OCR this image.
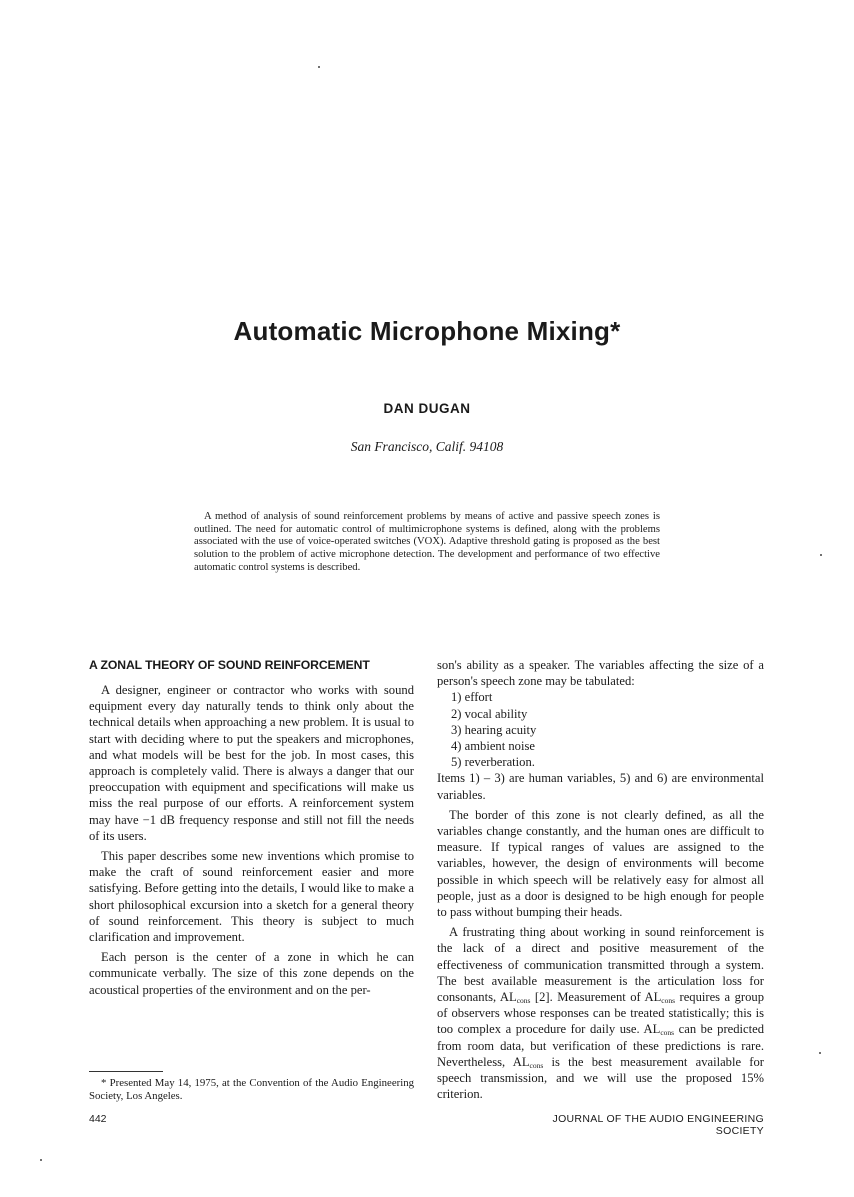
Automatic Microphone Mixing*
DAN DUGAN
San Francisco, Calif. 94108
A method of analysis of sound reinforcement problems by means of active and passive speech zones is outlined. The need for automatic control of multimicrophone systems is defined, along with the problems associated with the use of voice-operated switches (VOX). Adaptive threshold gating is proposed as the best solution to the problem of active microphone detection. The development and performance of two effective automatic control systems is described.
A ZONAL THEORY OF SOUND REINFORCEMENT

A designer, engineer or contractor who works with sound equipment every day naturally tends to think only about the technical details when approaching a new problem. It is usual to start with deciding where to put the speakers and microphones, and what models will be best for the job. In most cases, this approach is completely valid. There is always a danger that our preoccupation with equipment and specifications will make us miss the real purpose of our efforts. A reinforcement system may have −1 dB frequency response and still not fill the needs of its users.

This paper describes some new inventions which promise to make the craft of sound reinforcement easier and more satisfying. Before getting into the details, I would like to make a short philosophical excursion into a sketch for a general theory of sound reinforcement. This theory is subject to much clarification and improvement.

Each person is the center of a zone in which he can communicate verbally. The size of this zone depends on the acoustical properties of the environment and on the per-

son's ability as a speaker. The variables affecting the size of a person's speech zone may be tabulated:

1) effort
2) vocal ability
3) hearing acuity
4) ambient noise
5) reverberation.

Items 1) – 3) are human variables, 5) and 6) are environmental variables.

The border of this zone is not clearly defined, as all the variables change constantly, and the human ones are difficult to measure. If typical ranges of values are assigned to the variables, however, the design of environments will become possible in which speech will be relatively easy for almost all people, just as a door is designed to be high enough for people to pass without bumping their heads.

A frustrating thing about working in sound reinforcement is the lack of a direct and positive measurement of the effectiveness of communication transmitted through a system. The best available measurement is the articulation loss for consonants, $AL_{cons}$ [2]. Measurement of $AL_{cons}$ requires a group of observers whose responses can be treated statistically; this is too complex a procedure for daily use. $AL_{cons}$ can be predicted from room data, but verification of these predictions is rare. Nevertheless, $AL_{cons}$ is the best measurement available for speech transmission, and we will use the proposed 15% criterion.

* Presented May 14, 1975, at the Convention of the Audio Engineering Society, Los Angeles.
442	JOURNAL OF THE AUDIO ENGINEERING SOCIETY
